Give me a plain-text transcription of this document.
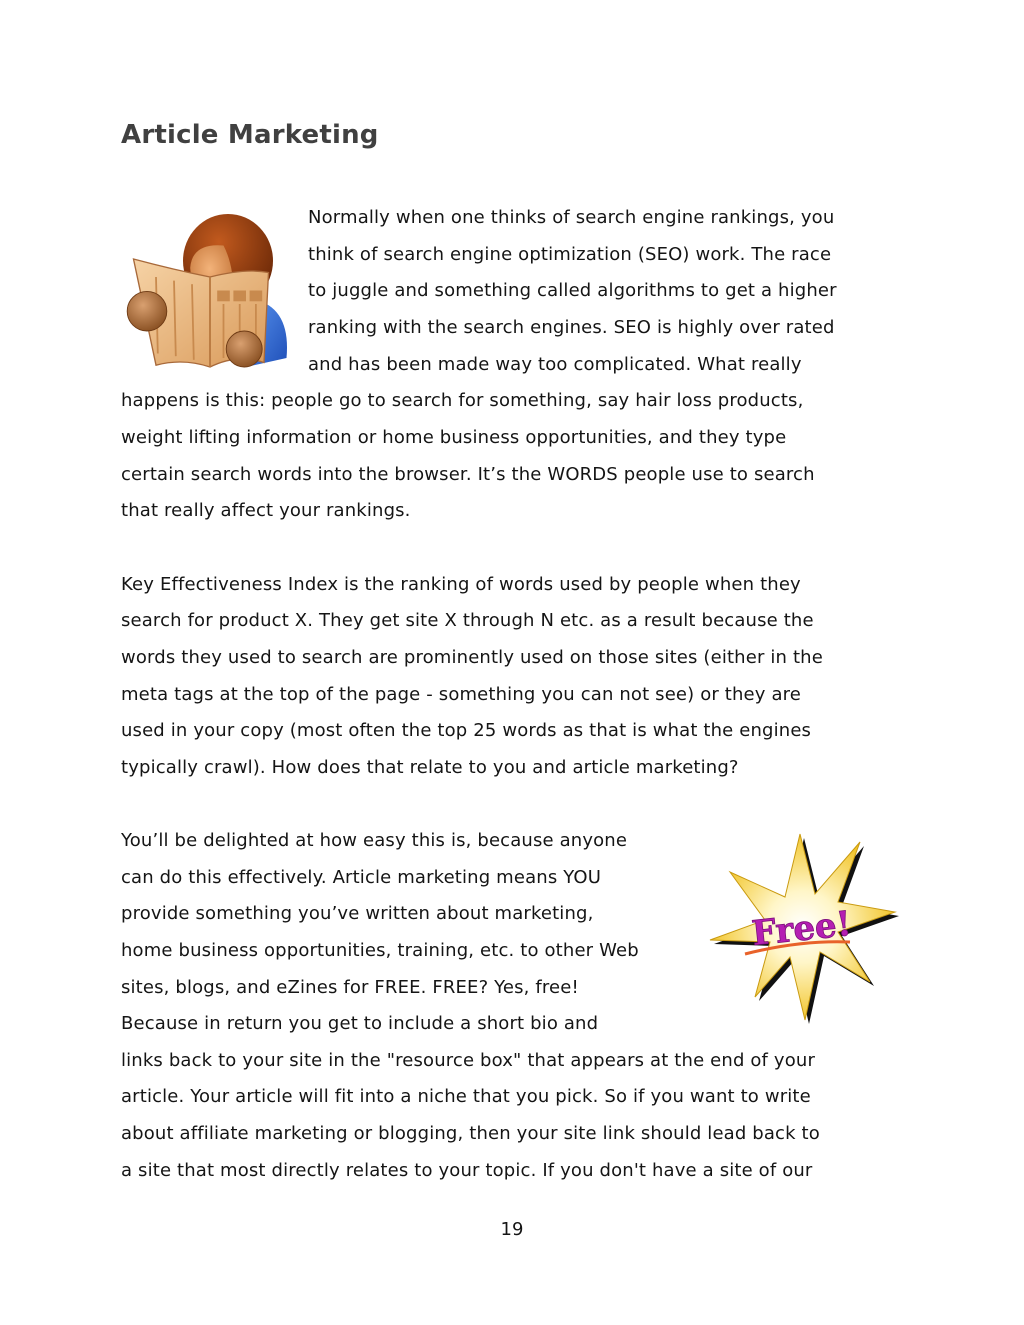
Article Marketing
Normally when one thinks of search engine rankings, you
think of search engine optimization (SEO) work. The race
to juggle and something called algorithms to get a higher
ranking with the search engines. SEO is highly over rated
and has been made way too complicated. What really
happens is this: people go to search for something, say hair loss products,
weight lifting information or home business opportunities, and they type
certain search words into the browser. It’s the WORDS people use to search
that really affect your rankings.
Key Effectiveness Index is the ranking of words used by people when they
search for product X. They get site X through N etc. as a result because the
words they used to search are prominently used on those sites (either in the
meta tags at the top of the page - something you can not see) or they are
used in your copy (most often the top 25 words as that is what the engines
typically crawl). How does that relate to you and article marketing?
You’ll be delighted at how easy this is, because anyone
can do this effectively. Article marketing means YOU
provide something you’ve written about marketing,
home business opportunities, training, etc. to other Web
sites, blogs, and eZines for FREE. FREE? Yes, free!
Because in return you get to include a short bio and
links back to your site in the "resource box" that appears at the end of your
article. Your article will fit into a niche that you pick. So if you want to write
about affiliate marketing or blogging, then your site link should lead back to
a site that most directly relates to your topic. If you don't have a site of our
Free!
19
